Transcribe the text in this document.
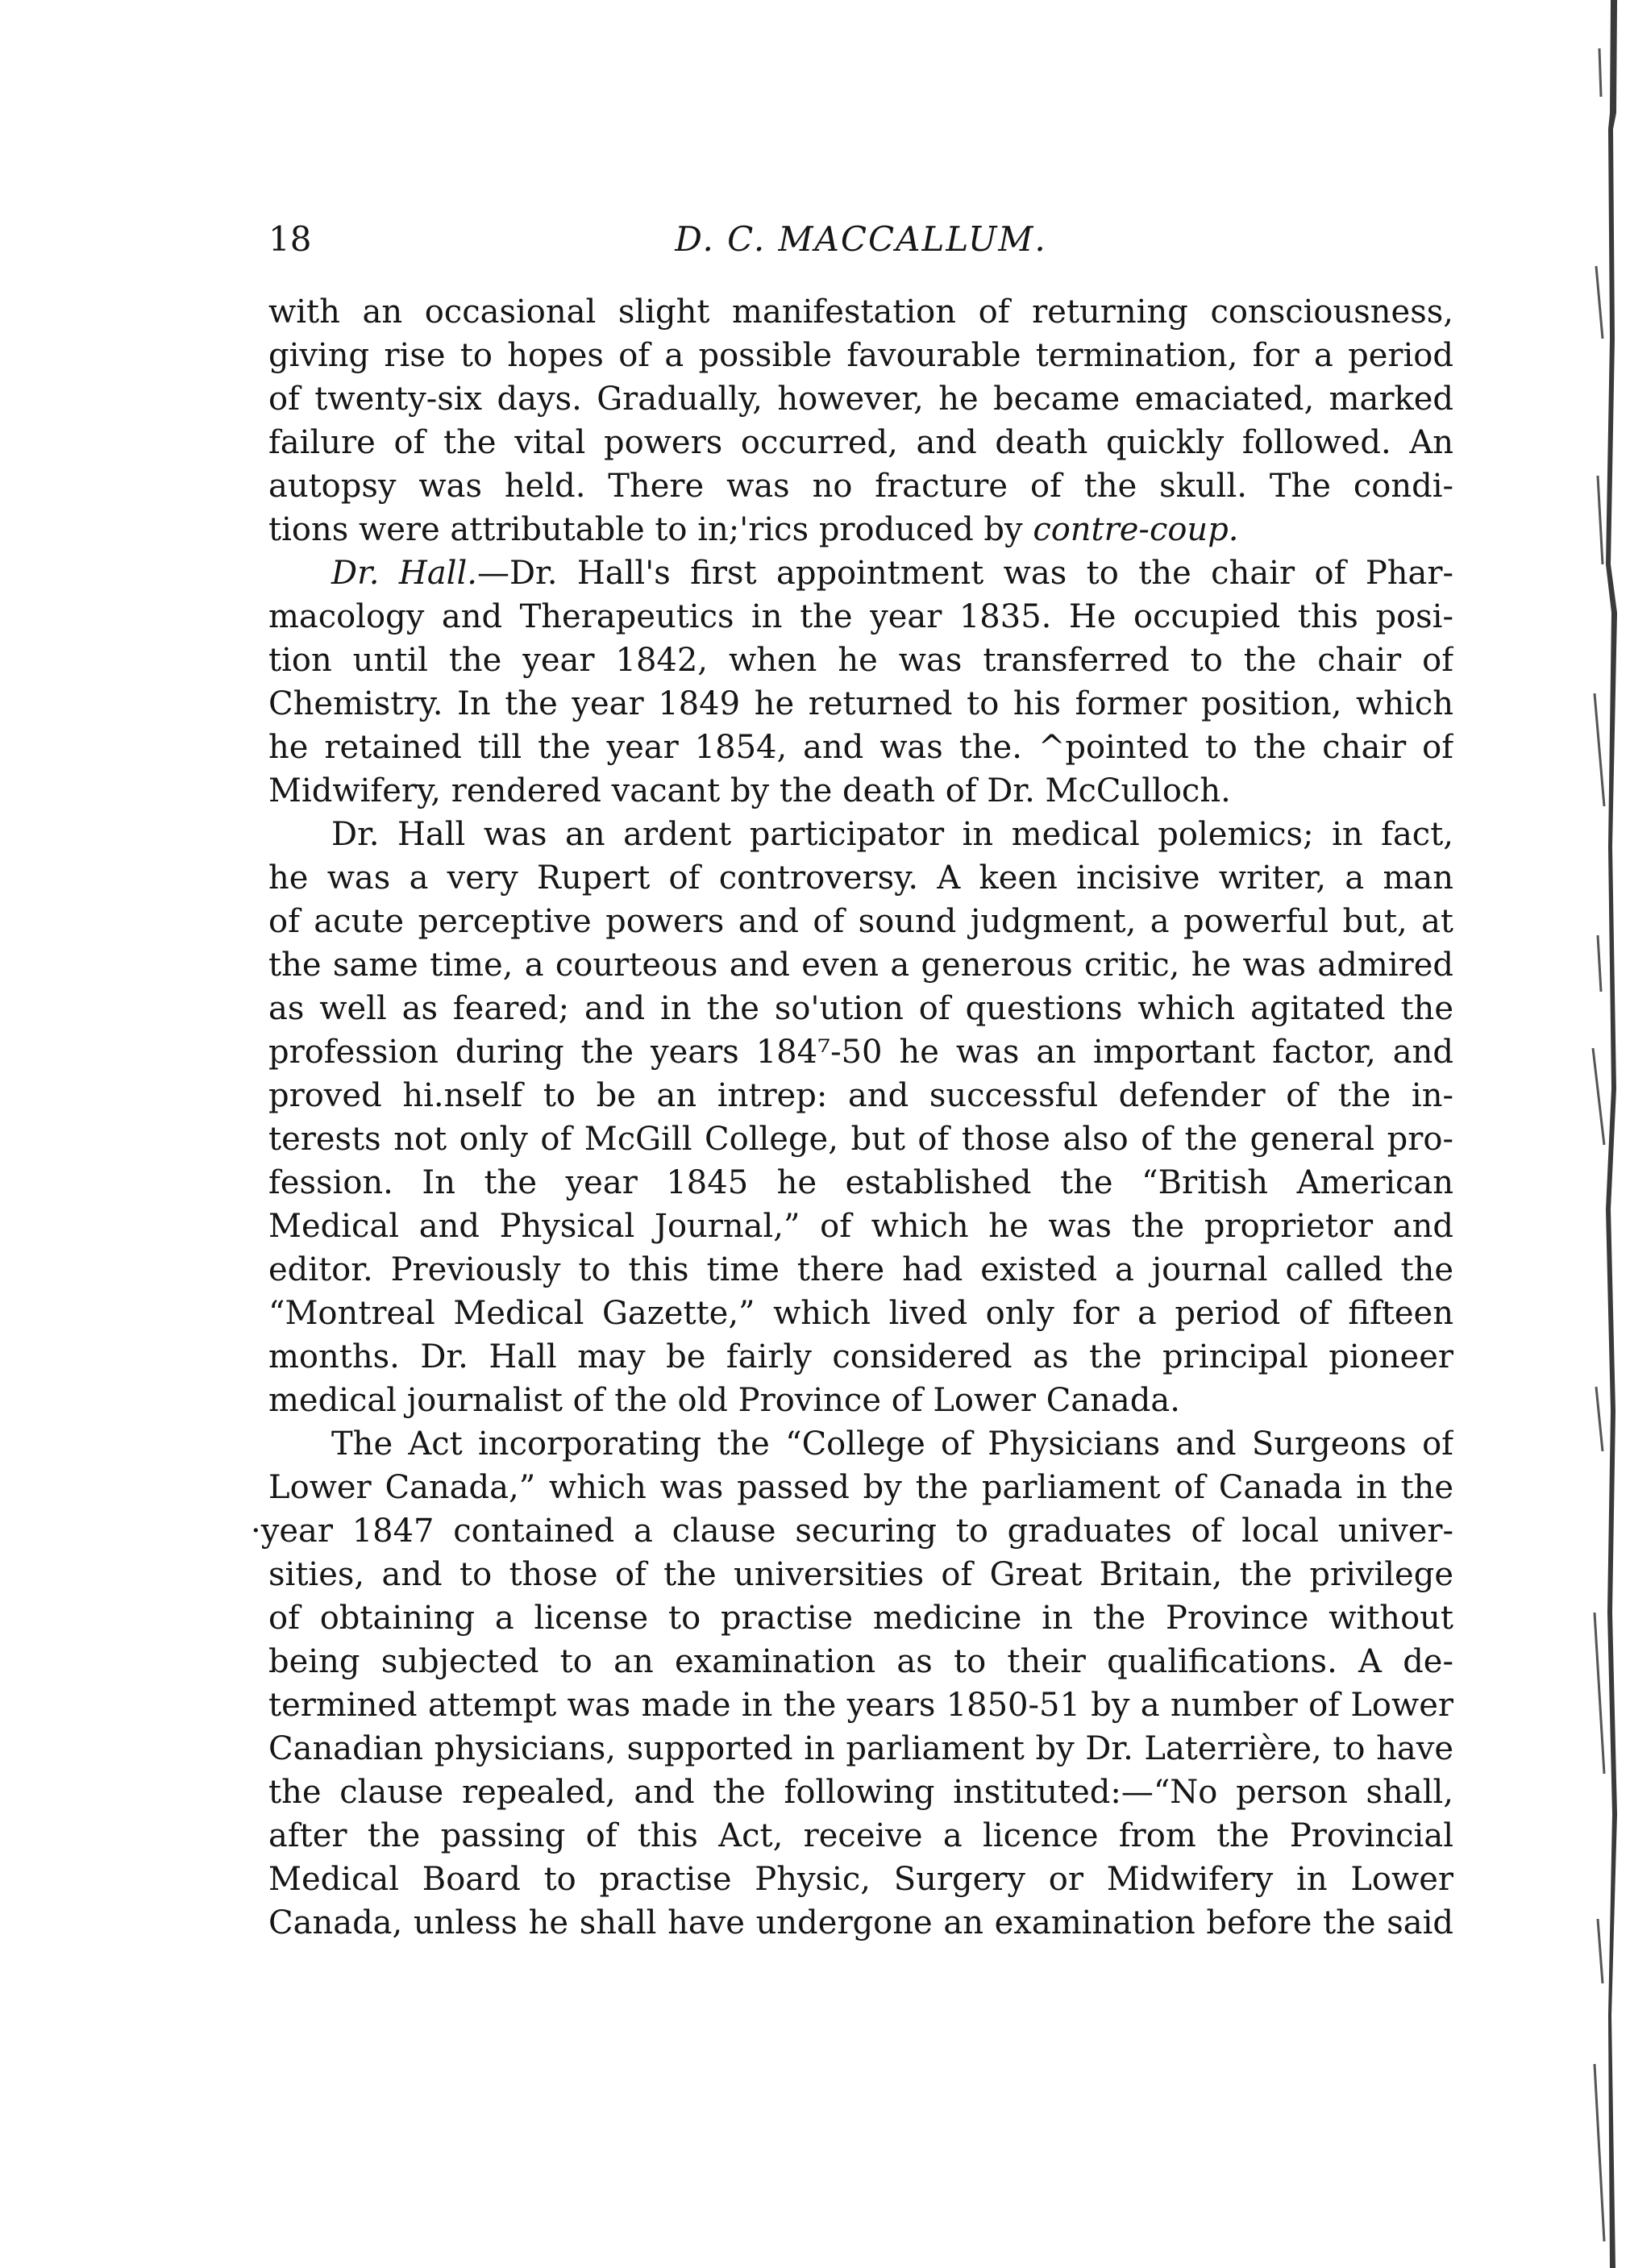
18	D. C. MACCALLUM.
with an occasional slight manifestation of returning consciousness,
giving rise to hopes of a possible favourable termination, for a period
of twenty-six days. Gradually, however, he became emaciated, marked
failure of the vital powers occurred, and death quickly followed. An
autopsy was held. There was no fracture of the skull. The condi-
tions were attributable to in;'rics produced by contre-coup.
Dr. Hall.—Dr. Hall's first appointment was to the chair of Phar-
macology and Therapeutics in the year 1835. He occupied this posi-
tion until the year 1842, when he was transferred to the chair of
Chemistry. In the year 1849 he returned to his former position, which
he retained till the year 1854, and was the. ^pointed to the chair of
Midwifery, rendered vacant by the death of Dr. McCulloch.
Dr. Hall was an ardent participator in medical polemics; in fact,
he was a very Rupert of controversy. A keen incisive writer, a man
of acute perceptive powers and of sound judgment, a powerful but, at
the same time, a courteous and even a generous critic, he was admired
as well as feared; and in the so'ution of questions which agitated the
profession during the years 184⁷-50 he was an important factor, and
proved hi.nself to be an intrep: and successful defender of the in-
terests not only of McGill College, but of those also of the general pro-
fession. In the year 1845 he established the “British American
Medical and Physical Journal,” of which he was the proprietor and
editor. Previously to this time there had existed a journal called the
“Montreal Medical Gazette,” which lived only for a period of fifteen
months. Dr. Hall may be fairly considered as the principal pioneer
medical journalist of the old Province of Lower Canada.
The Act incorporating the “College of Physicians and Surgeons of
Lower Canada,” which was passed by the parliament of Canada in the
·year 1847 contained a clause securing to graduates of local univer-
sities, and to those of the universities of Great Britain, the privilege
of obtaining a license to practise medicine in the Province without
being subjected to an examination as to their qualifications. A de-
termined attempt was made in the years 1850-51 by a number of Lower
Canadian physicians, supported in parliament by Dr. Laterrière, to have
the clause repealed, and the following instituted:—“No person shall,
after the passing of this Act, receive a licence from the Provincial
Medical Board to practise Physic, Surgery or Midwifery in Lower
Canada, unless he shall have undergone an examination before the said
